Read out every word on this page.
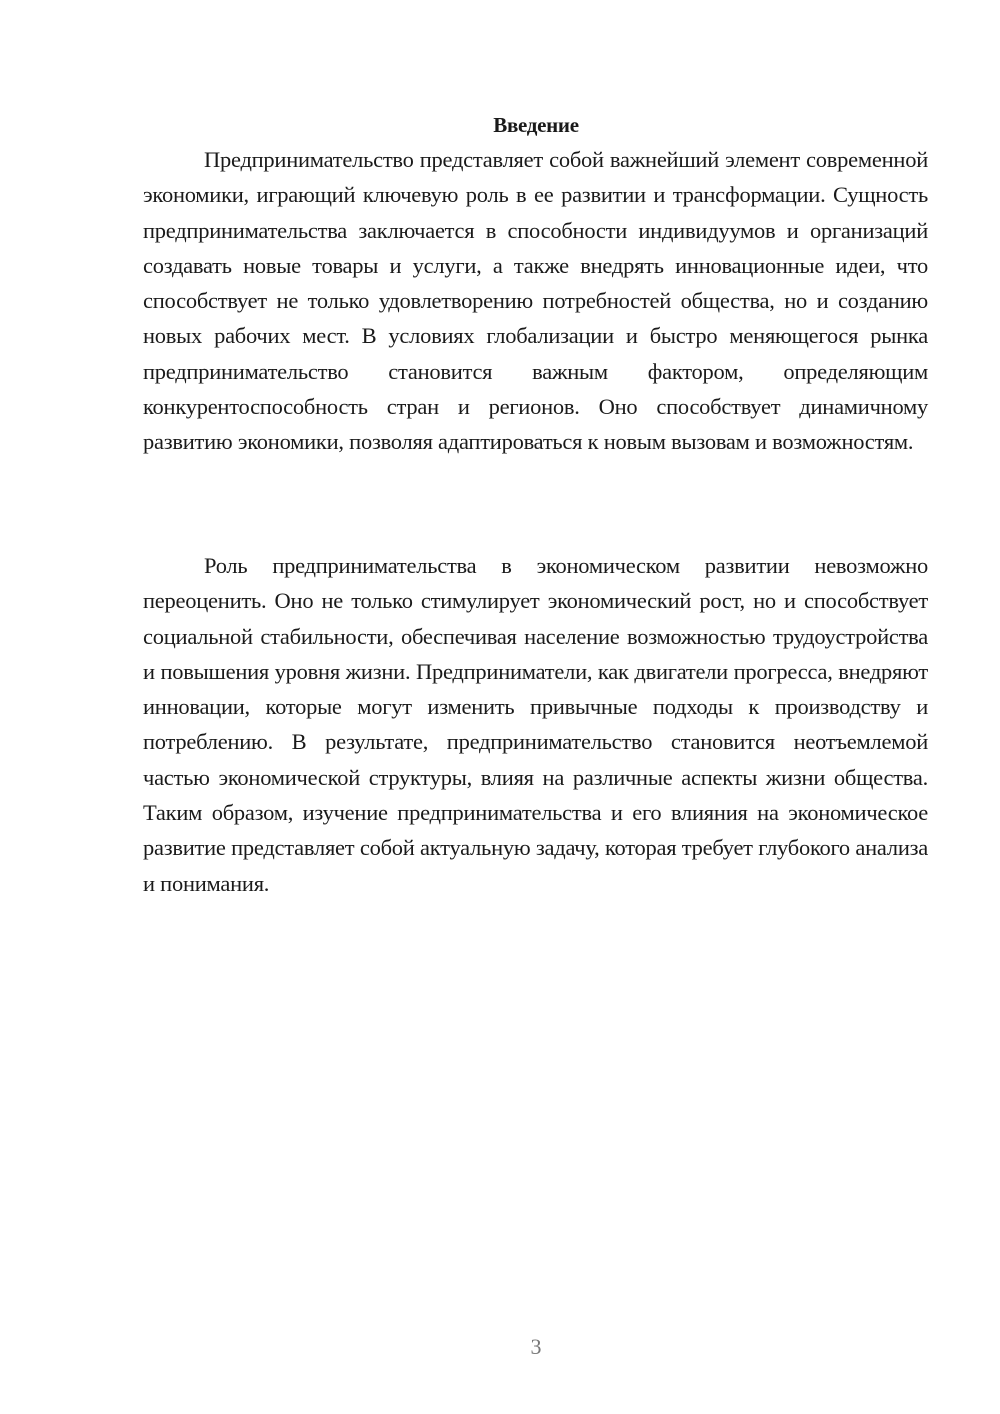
Введение

Предпринимательство представляет собой важнейший элемент современной экономики, играющий ключевую роль в ее развитии и трансформации. Сущность предпринимательства заключается в способности индивидуумов и организаций создавать новые товары и услуги, а также внедрять инновационные идеи, что способствует не только удовлетворению потребностей общества, но и созданию новых рабочих мест. В условиях глобализации и быстро меняющегося рынка предпринимательство становится важным фактором, определяющим конкурентоспособность стран и регионов. Оно способствует динамичному развитию экономики, позволяя адаптироваться к новым вызовам и возможностям.

Роль предпринимательства в экономическом развитии невозможно переоценить. Оно не только стимулирует экономический рост, но и способствует социальной стабильности, обеспечивая население возможностью трудоустройства и повышения уровня жизни. Предприниматели, как двигатели прогресса, внедряют инновации, которые могут изменить привычные подходы к производству и потреблению. В результате, предпринимательство становится неотъемлемой частью экономической структуры, влияя на различные аспекты жизни общества. Таким образом, изучение предпринимательства и его влияния на экономическое развитие представляет собой актуальную задачу, которая требует глубокого анализа и понимания.

3
